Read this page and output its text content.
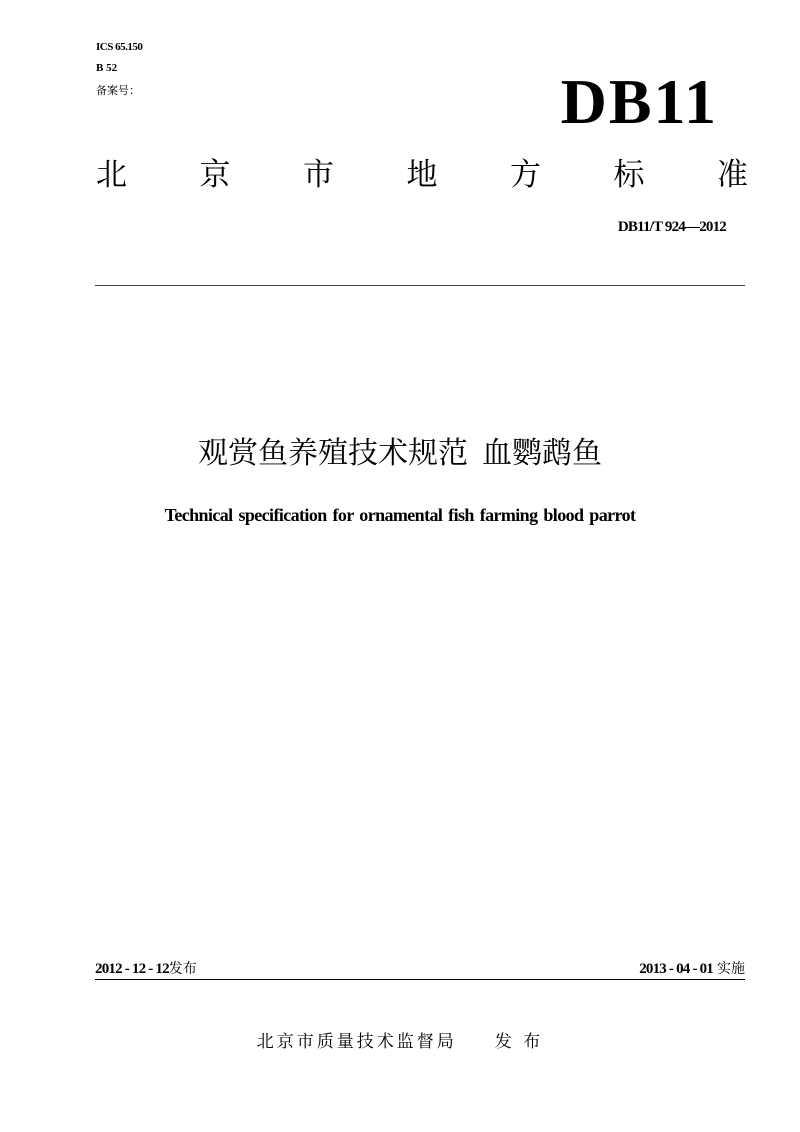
ICS 65.150
B 52
备案号：	DB11
北 京 市 地 方 标 准
DB11/T 924—2012
观赏鱼养殖技术规范 血鹦鹉鱼
Technical specification for ornamental fish farming blood parrot
2012 - 12 - 12发布	2013 - 04 - 01 实施
北京市质量技术监督局 发 布
